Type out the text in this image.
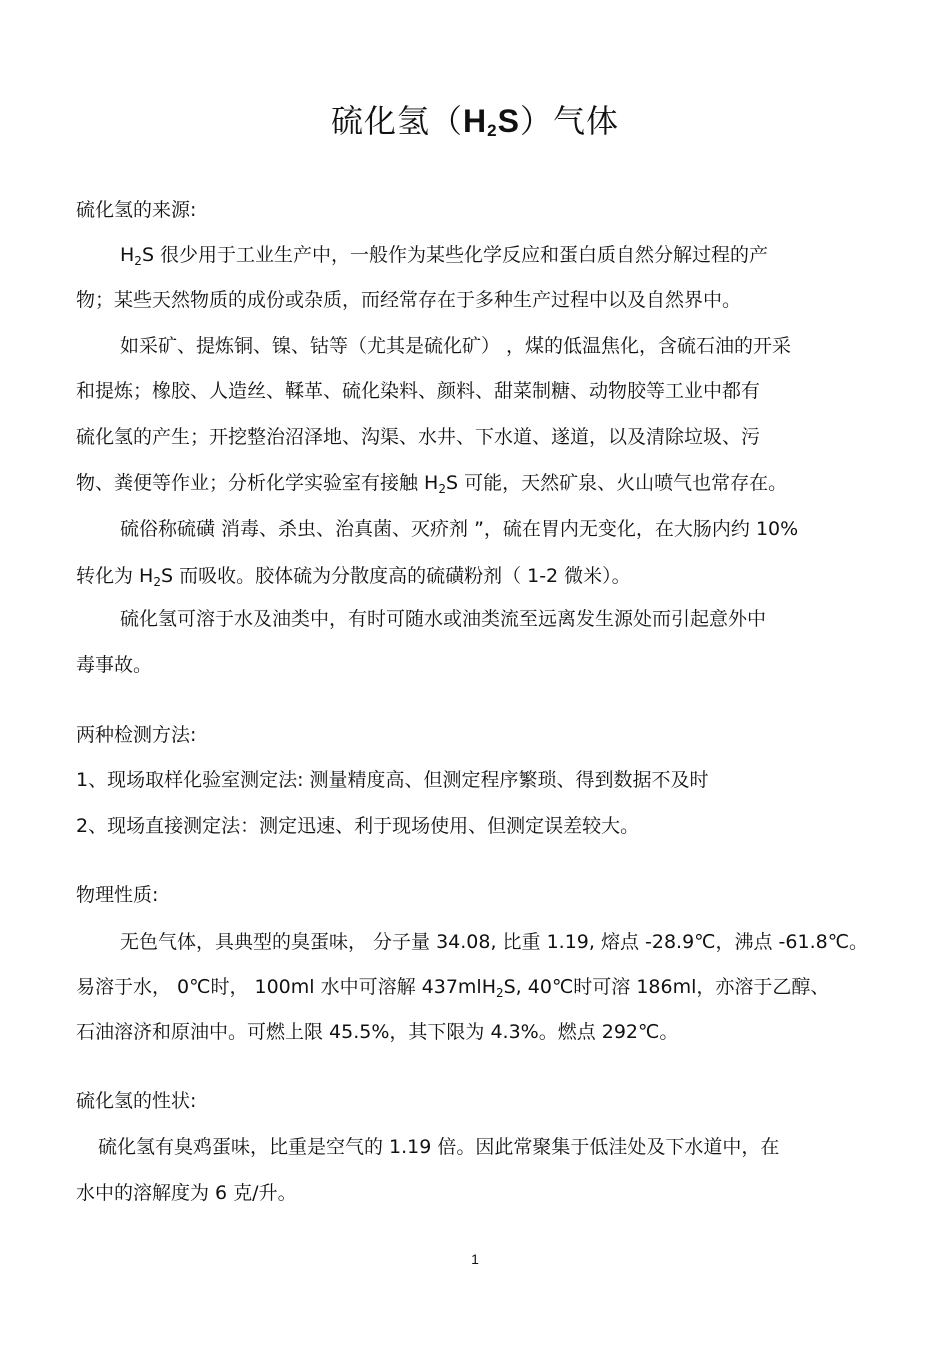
硫化氢$(H_2S)$气体
硫化氢的来源:
$H_2S$ 很少用于工业生产中，一般作为某些化学反应和蛋白质自然分解过程的产
物；某些天然物质的成份或杂质，而经常存在于多种生产过程中以及自然界中。
如采矿、提炼铜、镍、钴等（尤其是硫化矿） ，煤的低温焦化，含硫石油的开采
和提炼；橡胶、人造丝、鞣革、硫化染料、颜料、甜菜制糖、动物胶等工业中都有
硫化氢的产生；开挖整治沼泽地、沟渠、水井、下水道、遂道，以及清除垃圾、污
物、粪便等作业；分析化学实验室有接触 $H_2S$ 可能，天然矿泉、火山喷气也常存在。
硫俗称硫磺 消毒、杀虫、治真菌、灭疥剂 ”，硫在胃内无变化，在大肠内约 10%
转化为 $H_2S$ 而吸收。胶体硫为分散度高的硫磺粉剂（ 1-2 微米）。
硫化氢可溶于水及油类中，有时可随水或油类流至远离发生源处而引起意外中
毒事故。
两种检测方法:
1、现场取样化验室测定法: 测量精度高、但测定程序繁琐、得到数据不及时
2、现场直接测定法：测定迅速、利于现场使用、但测定误差较大。
物理性质:
无色气体，具典型的臭蛋味， 分子量 34.08, 比重 1.19, 熔点 -28.9℃，沸点 -61.8℃。
易溶于水， 0℃时， 100ml 水中可溶解 437mlH$_2$S, 40℃时可溶 186ml，亦溶于乙醇、
石油溶济和原油中。可燃上限 45.5%，其下限为 4.3%。燃点 292℃。
硫化氢的性状:
硫化氢有臭鸡蛋味，比重是空气的 1.19 倍。因此常聚集于低洼处及下水道中，在
水中的溶解度为 6 克/升。
1
